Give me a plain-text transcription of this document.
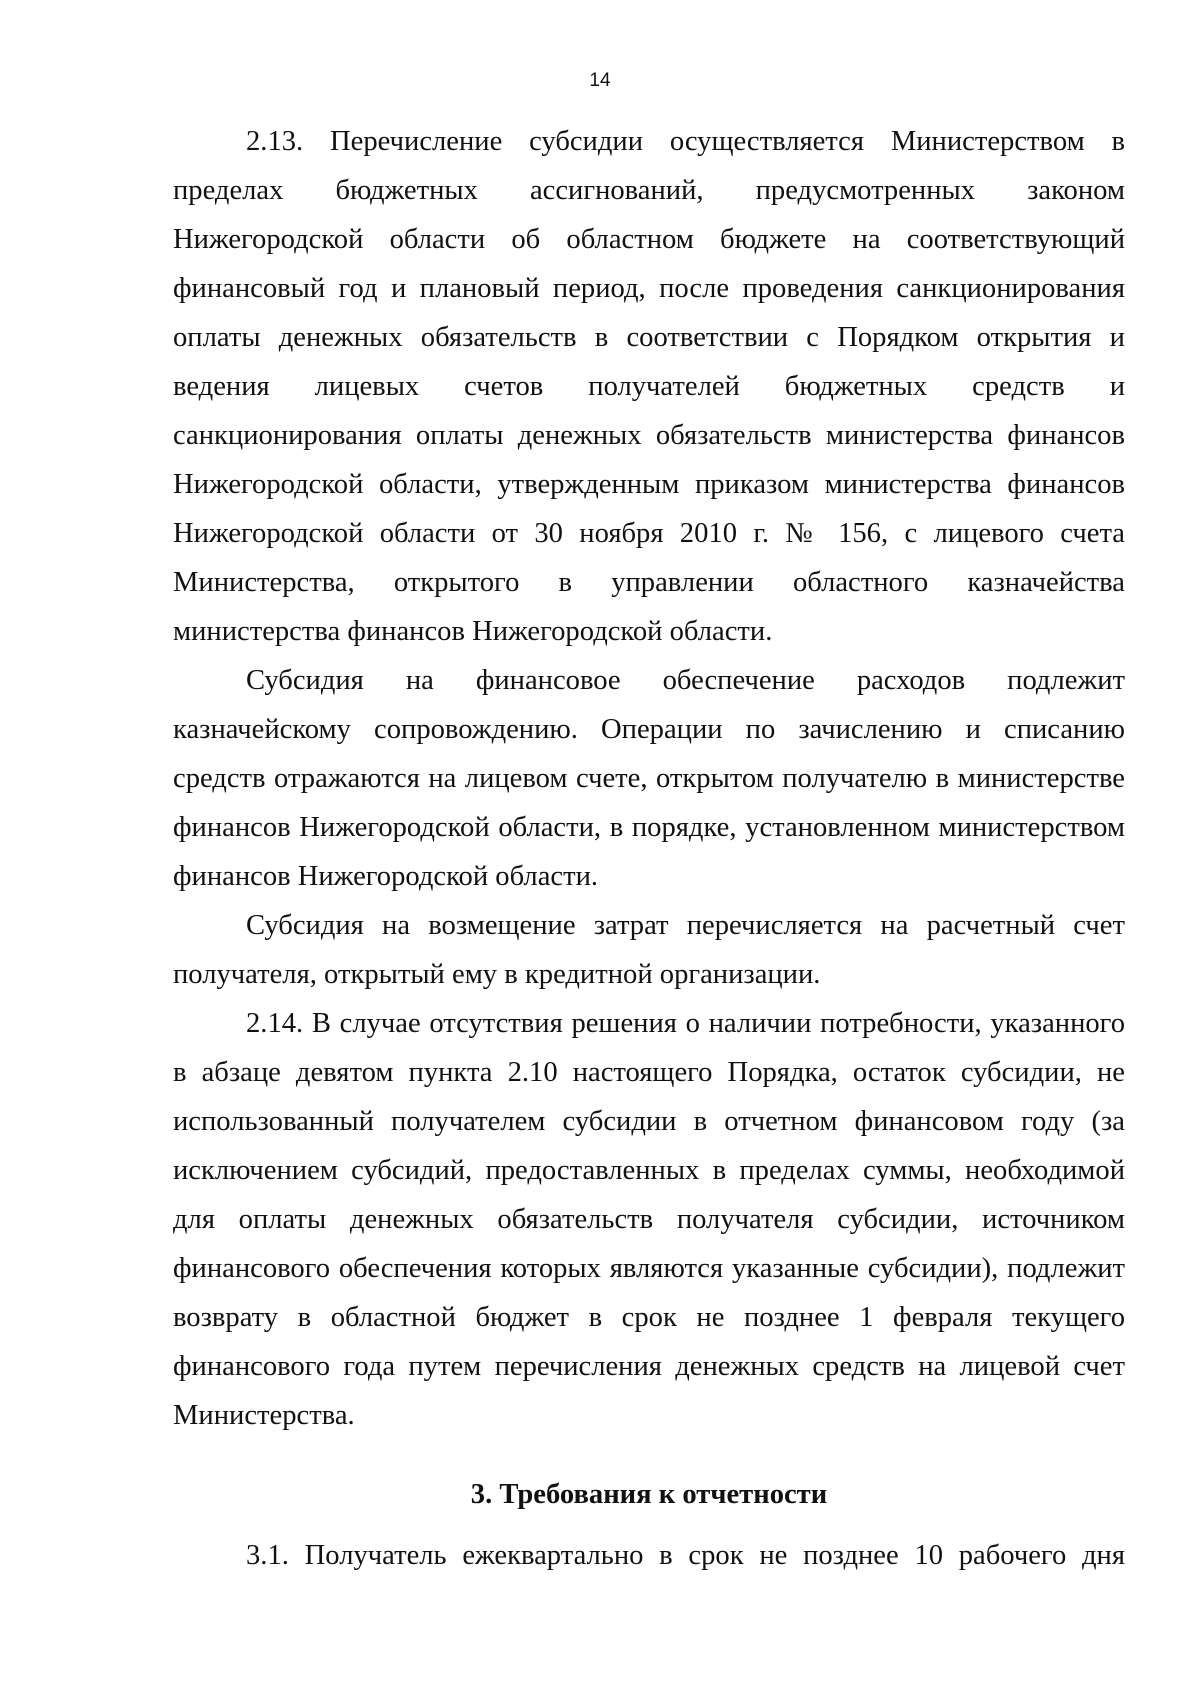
14

2.13. Перечисление субсидии осуществляется Министерством в пределах бюджетных ассигнований, предусмотренных законом Нижегородской области об областном бюджете на соответствующий финансовый год и плановый период, после проведения санкционирования оплаты денежных обязательств в соответствии с Порядком открытия и ведения лицевых счетов получателей бюджетных средств и санкционирования оплаты денежных обязательств министерства финансов Нижегородской области, утвержденным приказом министерства финансов Нижегородской области от 30 ноября 2010 г. № 156, с лицевого счета Министерства, открытого в управлении областного казначейства министерства финансов Нижегородской области.

Субсидия на финансовое обеспечение расходов подлежит казначейскому сопровождению. Операции по зачислению и списанию средств отражаются на лицевом счете, открытом получателю в министерстве финансов Нижегородской области, в порядке, установленном министерством финансов Нижегородской области.

Субсидия на возмещение затрат перечисляется на расчетный счет получателя, открытый ему в кредитной организации.

2.14. В случае отсутствия решения о наличии потребности, указанного в абзаце девятом пункта 2.10 настоящего Порядка, остаток субсидии, не использованный получателем субсидии в отчетном финансовом году (за исключением субсидий, предоставленных в пределах суммы, необходимой для оплаты денежных обязательств получателя субсидии, источником финансового обеспечения которых являются указанные субсидии), подлежит возврату в областной бюджет в срок не позднее 1 февраля текущего финансового года путем перечисления денежных средств на лицевой счет Министерства.

3. Требования к отчетности

3.1. Получатель ежеквартально в срок не позднее 10 рабочего дня
